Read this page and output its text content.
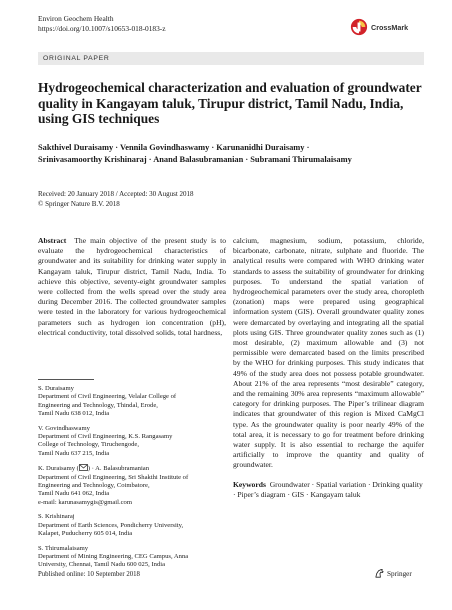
Environ Geochem Health
https://doi.org/10.1007/s10653-018-0183-z	CrossMark
ORIGINAL PAPER
Hydrogeochemical characterization and evaluation of groundwater quality in Kangayam taluk, Tirupur district, Tamil Nadu, India, using GIS techniques

Sakthivel Duraisamy · Vennila Govindhaswamy · Karunanidhi Duraisamy ·
Srinivasamoorthy Krishinaraj · Anand Balasubramanian · Subramani Thirumalaisamy

Received: 20 January 2018 / Accepted: 30 August 2018
© Springer Nature B.V. 2018

Abstract The main objective of the present study is to evaluate the hydrogeochemical characteristics of groundwater and its suitability for drinking water supply in Kangayam taluk, Tirupur district, Tamil Nadu, India. To achieve this objective, seventy-eight groundwater samples were collected from the wells spread over the study area during December 2016. The collected groundwater samples were tested in the laboratory for various hydrogeochemical parameters such as hydrogen ion concentration (pH), electrical conductivity, total dissolved solids, total hardness,

S. Duraisamy
Department of Civil Engineering, Velalar College of
Engineering and Technology, Thindal, Erode,
Tamil Nadu 638 012, India

V. Govindhaswamy
Department of Civil Engineering, K.S. Rangasamy
College of Technology, Tiruchengode,
Tamil Nadu 637 215, India

K. Duraisamy ( ) · A. Balasubramanian
Department of Civil Engineering, Sri Shakthi Institute of
Engineering and Technology, Coimbatore,
Tamil Nadu 641 062, India
e-mail: karunasamygis@gmail.com

S. Krishinaraj
Department of Earth Sciences, Pondicherry University,
Kalapet, Puducherry 605 014, India

S. Thirumalaisamy
Department of Mining Engineering, CEG Campus, Anna
University, Chennai, Tamil Nadu 600 025, India

calcium, magnesium, sodium, potassium, chloride, bicarbonate, carbonate, nitrate, sulphate and fluoride. The analytical results were compared with WHO drinking water standards to assess the suitability of groundwater for drinking purposes. To understand the spatial variation of hydrogeochemical parameters over the study area, choropleth (zonation) maps were prepared using geographical information system (GIS). Overall groundwater quality zones were demarcated by overlaying and integrating all the spatial plots using GIS. Three groundwater quality zones such as (1) most desirable, (2) maximum allowable and (3) not permissible were demarcated based on the limits prescribed by the WHO for drinking purposes. This study indicates that 49% of the study area does not possess potable groundwater. About 21% of the area represents “most desirable” category, and the remaining 30% area represents “maximum allowable” category for drinking purposes. The Piper’s trilinear diagram indicates that groundwater of this region is Mixed CaMgCl type. As the groundwater quality is poor nearly 49% of the total area, it is necessary to go for treatment before drinking water supply. It is also essential to recharge the aquifer artificially to improve the quantity and quality of groundwater.

Keywords Groundwater · Spatial variation · Drinking quality · Piper’s diagram · GIS · Kangayam taluk
Published online: 10 September 2018	Springer
